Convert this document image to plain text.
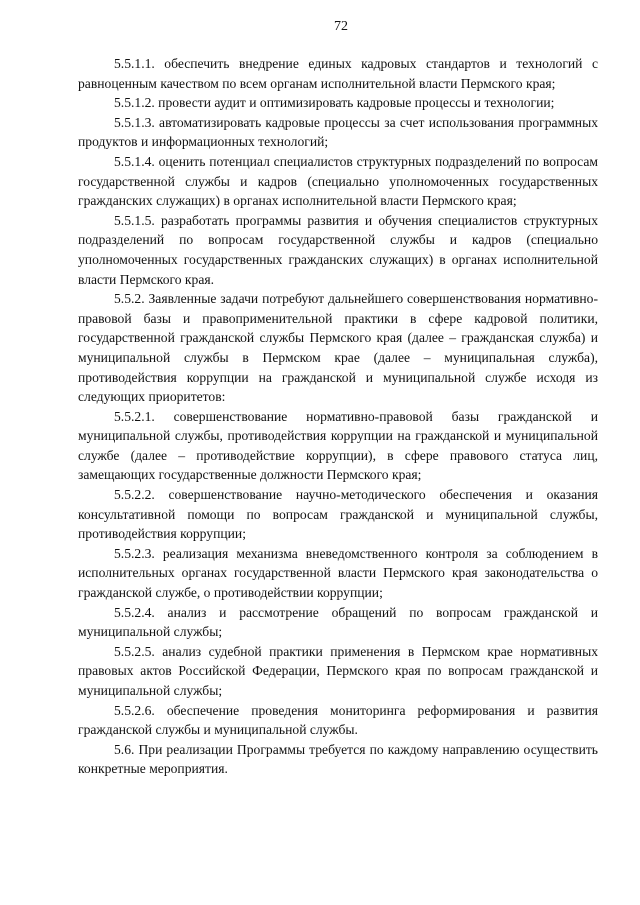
72

5.5.1.1. обеспечить внедрение единых кадровых стандартов и технологий с равноценным качеством по всем органам исполнительной власти Пермского края;

5.5.1.2. провести аудит и оптимизировать кадровые процессы и технологии;

5.5.1.3. автоматизировать кадровые процессы за счет использования программных продуктов и информационных технологий;

5.5.1.4. оценить потенциал специалистов структурных подразделений по вопросам государственной службы и кадров (специально уполномоченных государственных гражданских служащих) в органах исполнительной власти Пермского края;

5.5.1.5. разработать программы развития и обучения специалистов структурных подразделений по вопросам государственной службы и кадров (специально уполномоченных государственных гражданских служащих) в органах исполнительной власти Пермского края.

5.5.2. Заявленные задачи потребуют дальнейшего совершенствования нормативно-правовой базы и правоприменительной практики в сфере кадровой политики, государственной гражданской службы Пермского края (далее – гражданская служба) и муниципальной службы в Пермском крае (далее – муниципальная служба), противодействия коррупции на гражданской и муниципальной службе исходя из следующих приоритетов:

5.5.2.1. совершенствование нормативно-правовой базы гражданской и муниципальной службы, противодействия коррупции на гражданской и муниципальной службе (далее – противодействие коррупции), в сфере правового статуса лиц, замещающих государственные должности Пермского края;

5.5.2.2. совершенствование научно-методического обеспечения и оказания консультативной помощи по вопросам гражданской и муниципальной службы, противодействия коррупции;

5.5.2.3. реализация механизма вневедомственного контроля за соблюдением в исполнительных органах государственной власти Пермского края законодательства о гражданской службе, о противодействии коррупции;

5.5.2.4. анализ и рассмотрение обращений по вопросам гражданской и муниципальной службы;

5.5.2.5. анализ судебной практики применения в Пермском крае нормативных правовых актов Российской Федерации, Пермского края по вопросам гражданской и муниципальной службы;

5.5.2.6. обеспечение проведения мониторинга реформирования и развития гражданской службы и муниципальной службы.

5.6. При реализации Программы требуется по каждому направлению осуществить конкретные мероприятия.
